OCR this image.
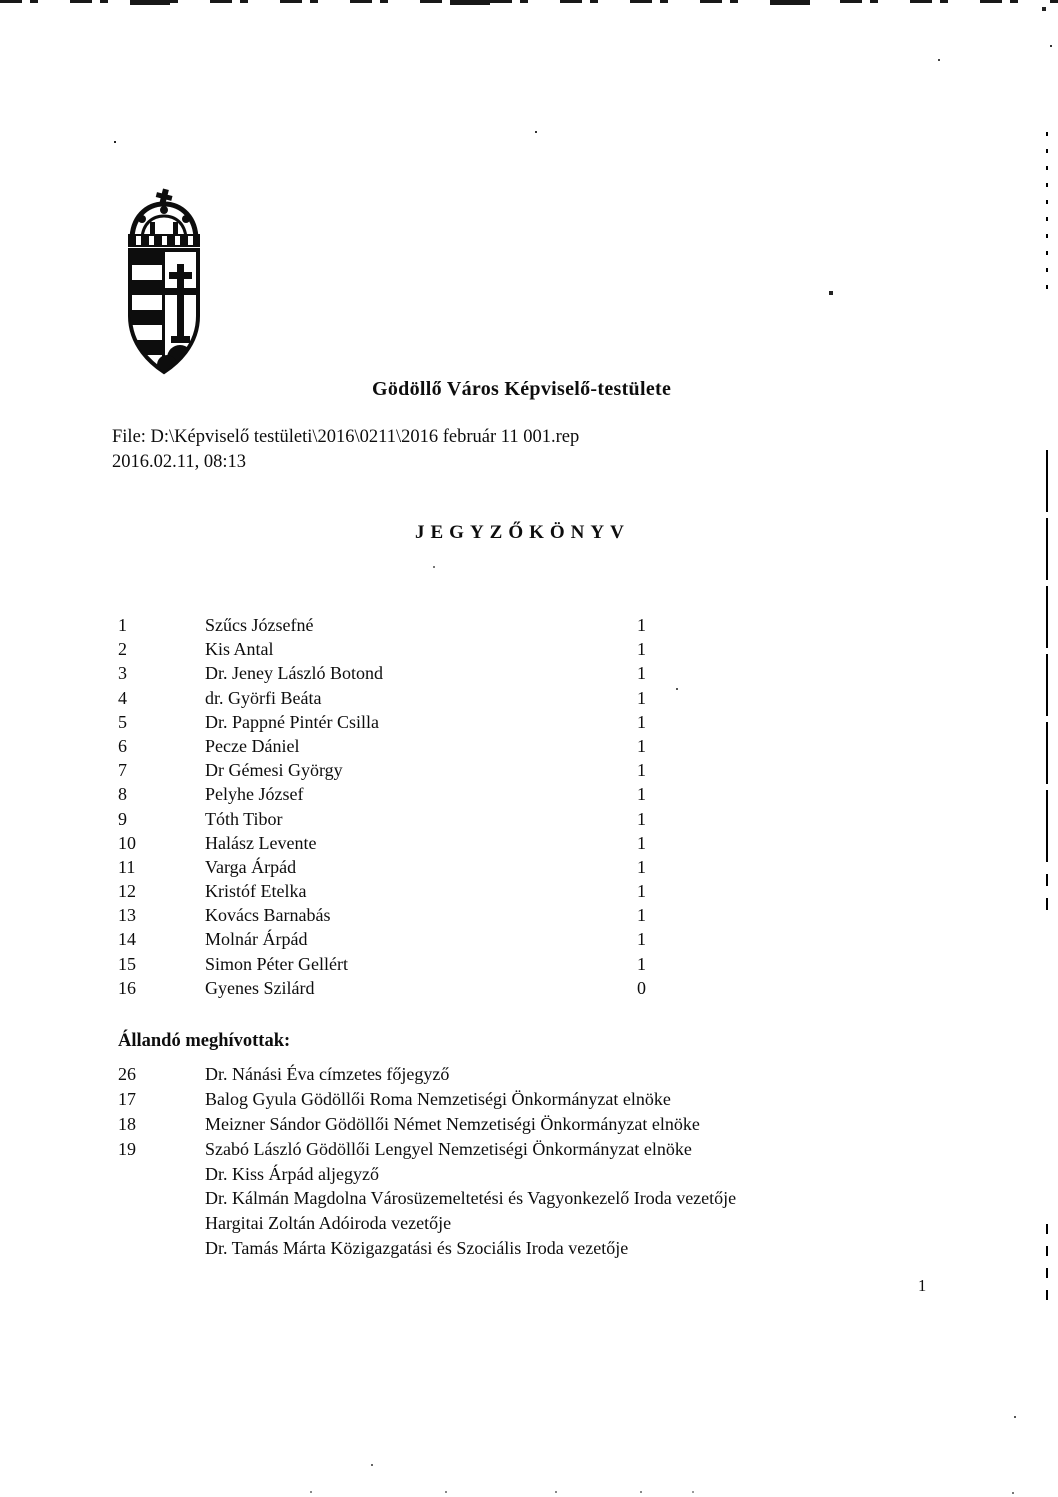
Gödöllő Város Képviselő-testülete
File: D:\Képviselő testületi\2016\0211\2016 február 11 001.rep
2016.02.11, 08:13
JEGYZŐKÖNYV
1	Szűcs Józsefné	1
2	Kis Antal	1
3	Dr. Jeney László Botond	1
4	dr. Györfi Beáta	1
5	Dr. Pappné Pintér Csilla	1
6	Pecze Dániel	1
7	Dr Gémesi György	1
8	Pelyhe József	1
9	Tóth Tibor	1
10	Halász Levente	1
11	Varga Árpád	1
12	Kristóf Etelka	1
13	Kovács Barnabás	1
14	Molnár Árpád	1
15	Simon Péter Gellért	1
16	Gyenes Szilárd	0
Állandó meghívottak:
26	Dr. Nánási Éva címzetes főjegyző
17	Balog Gyula Gödöllői Roma Nemzetiségi Önkormányzat elnöke
18	Meizner Sándor Gödöllői Német Nemzetiségi Önkormányzat elnöke
19	Szabó László Gödöllői Lengyel Nemzetiségi Önkormányzat elnöke
Dr. Kiss Árpád aljegyző
Dr. Kálmán Magdolna Városüzemeltetési és Vagyonkezelő Iroda vezetője
Hargitai Zoltán Adóiroda vezetője
Dr. Tamás Márta Közigazgatási és Szociális Iroda vezetője
1
